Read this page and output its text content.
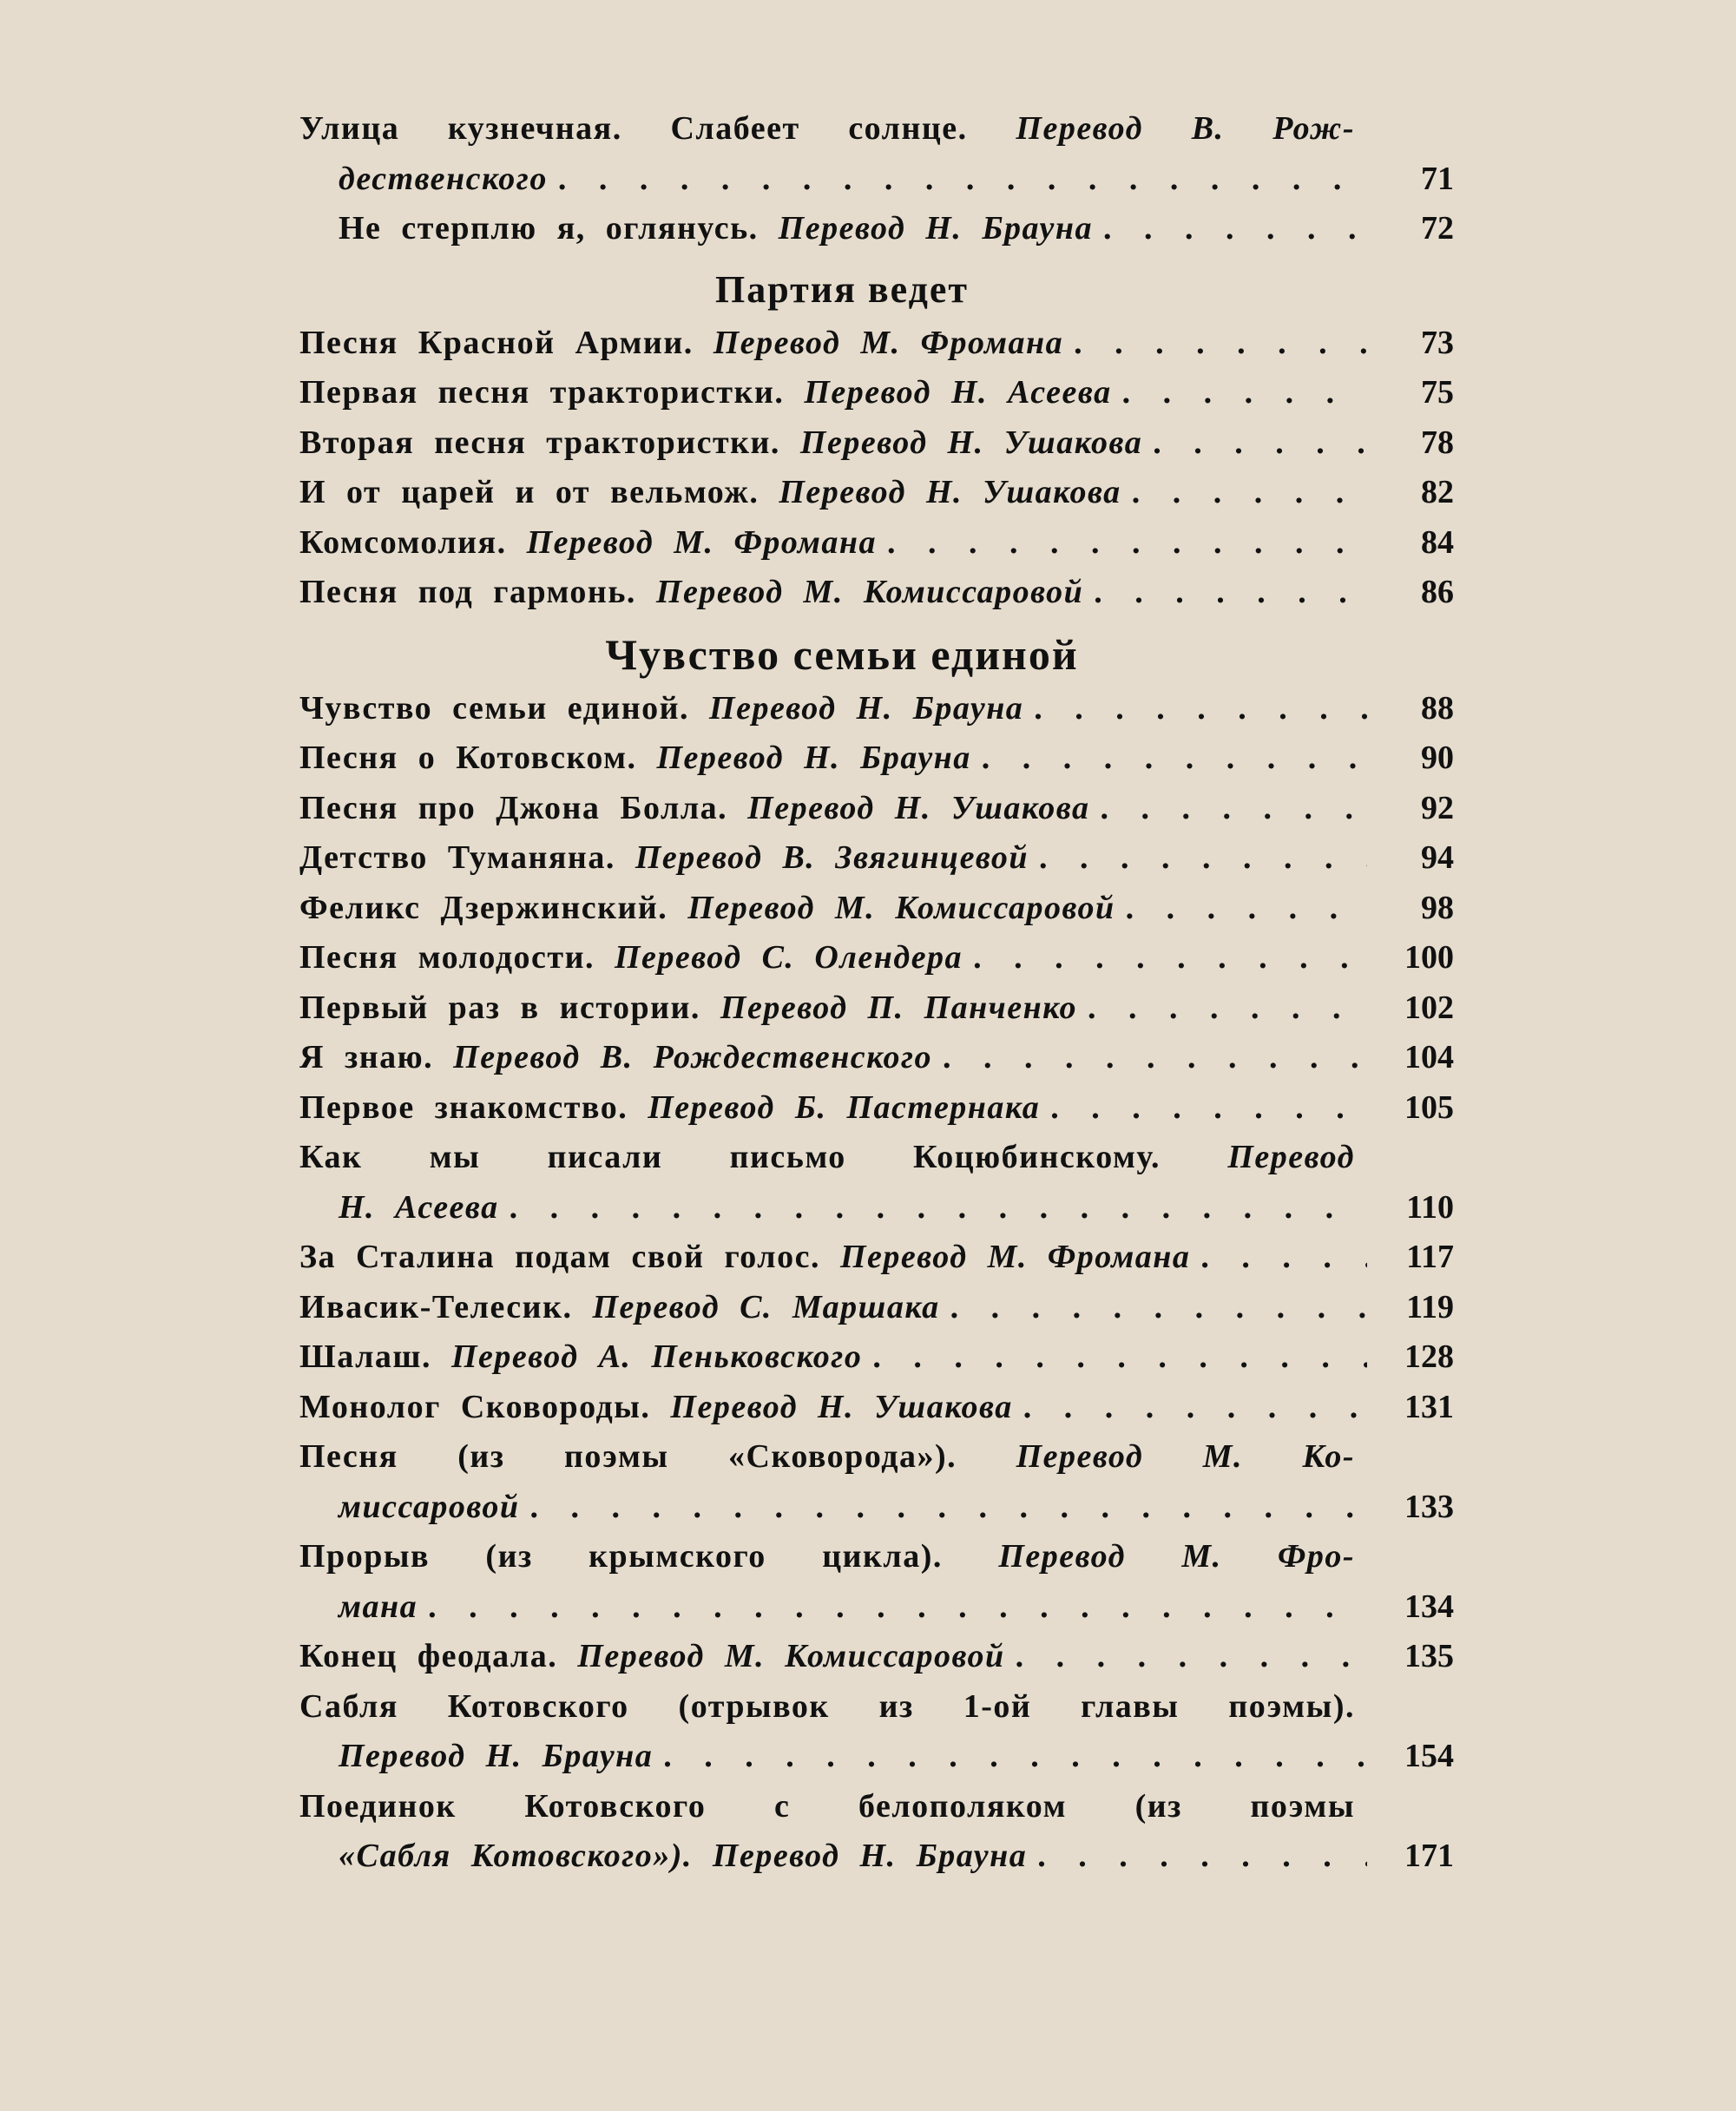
Улица кузнечная. Слабеет солнце. Перевод В. Рож-
дественского . . .	71
Не стерплю я, оглянусь. Перевод Н. Брауна . . .	72
Партия ведет
Песня Красной Армии. Перевод М. Фромана . . .	73
Первая песня трактористки. Перевод Н. Асеева . . .	75
Вторая песня трактористки. Перевод Н. Ушакова . . .	78
И от царей и от вельмож. Перевод Н. Ушакова . . .	82
Комсомолия. Перевод М. Фромана . . .	84
Песня под гармонь. Перевод М. Комиссаровой . . .	86
Чувство семьи единой
Чувство семьи единой. Перевод Н. Брауна . . .	88
Песня о Котовском. Перевод Н. Брауна . . .	90
Песня про Джона Болла. Перевод Н. Ушакова . . .	92
Детство Туманяна. Перевод В. Звягинцевой . . .	94
Феликс Дзержинский. Перевод М. Комиссаровой . . .	98
Песня молодости. Перевод С. Олендера . . .	100
Первый раз в истории. Перевод П. Панченко . . .	102
Я знаю. Перевод В. Рождественского . . .	104
Первое знакомство. Перевод Б. Пастернака . . .	105
Как мы писали письмо Коцюбинскому. Перевод
Н. Асеева . . .	110
За Сталина подам свой голос. Перевод М. Фромана . . .	117
Ивасик-Телесик. Перевод С. Маршака . . .	119
Шалаш. Перевод А. Пеньковского . . .	128
Монолог Сковороды. Перевод Н. Ушакова . . .	131
Песня (из поэмы «Сковорода»). Перевод М. Ко-
миссаровой . . .	133
Прорыв (из крымского цикла). Перевод М. Фро-
мана . . .	134
Конец феодала. Перевод М. Комиссаровой . . .	135
Сабля Котовского (отрывок из 1-ой главы поэмы).
Перевод Н. Брауна . . .	154
Поединок Котовского с белополяком (из поэмы
«Сабля Котовского»). Перевод Н. Брауна . . .	171
